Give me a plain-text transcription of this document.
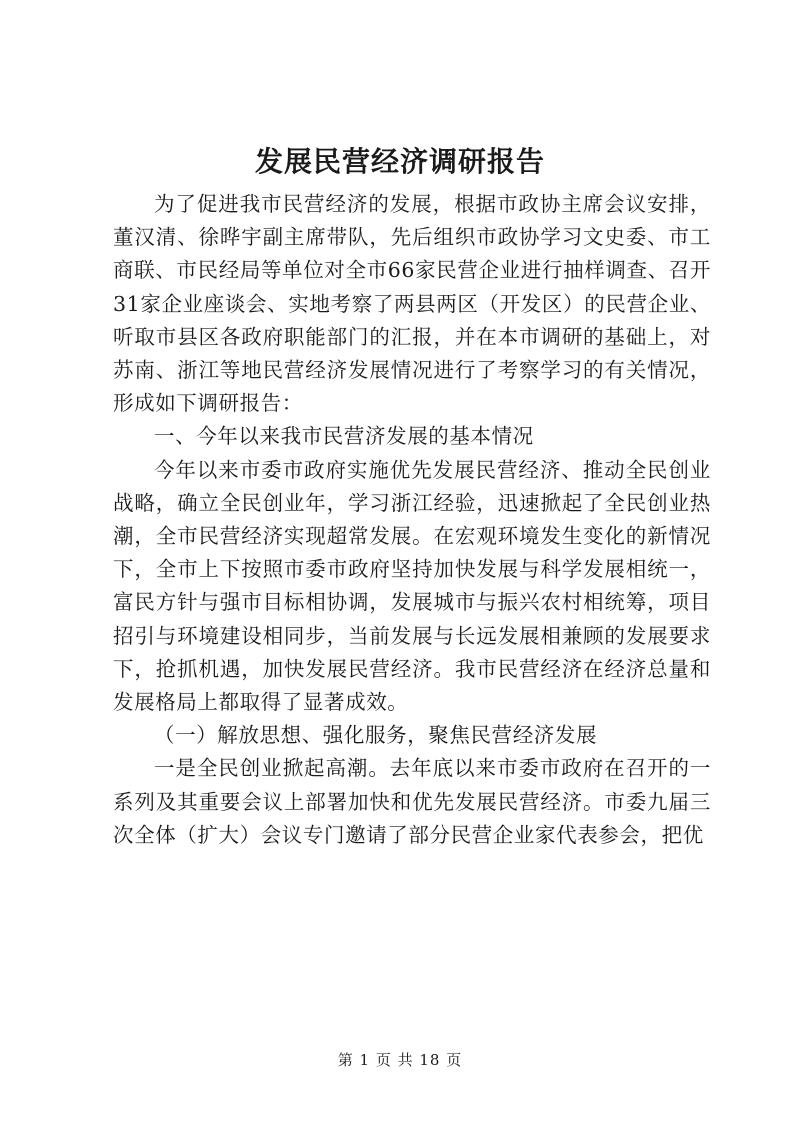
发展民营经济调研报告

为了促进我市民营经济的发展，根据市政协主席会议安排，董汉清、徐晔宇副主席带队，先后组织市政协学习文史委、市工商联、市民经局等单位对全市66家民营企业进行抽样调查、召开31家企业座谈会、实地考察了两县两区（开发区）的民营企业、听取市县区各政府职能部门的汇报，并在本市调研的基础上，对苏南、浙江等地民营经济发展情况进行了考察学习的有关情况，形成如下调研报告：

一、今年以来我市民营济发展的基本情况

今年以来市委市政府实施优先发展民营经济、推动全民创业战略，确立全民创业年，学习浙江经验，迅速掀起了全民创业热潮，全市民营经济实现超常发展。在宏观环境发生变化的新情况下，全市上下按照市委市政府坚持加快发展与科学发展相统一，富民方针与强市目标相协调，发展城市与振兴农村相统筹，项目招引与环境建设相同步，当前发展与长远发展相兼顾的发展要求下，抢抓机遇，加快发展民营经济。我市民营经济在经济总量和发展格局上都取得了显著成效。

（一）解放思想、强化服务，聚焦民营经济发展

一是全民创业掀起高潮。去年底以来市委市政府在召开的一系列及其重要会议上部署加快和优先发展民营经济。市委九届三次全体（扩大）会议专门邀请了部分民营企业家代表参会，把优

第 1 页 共 18 页
